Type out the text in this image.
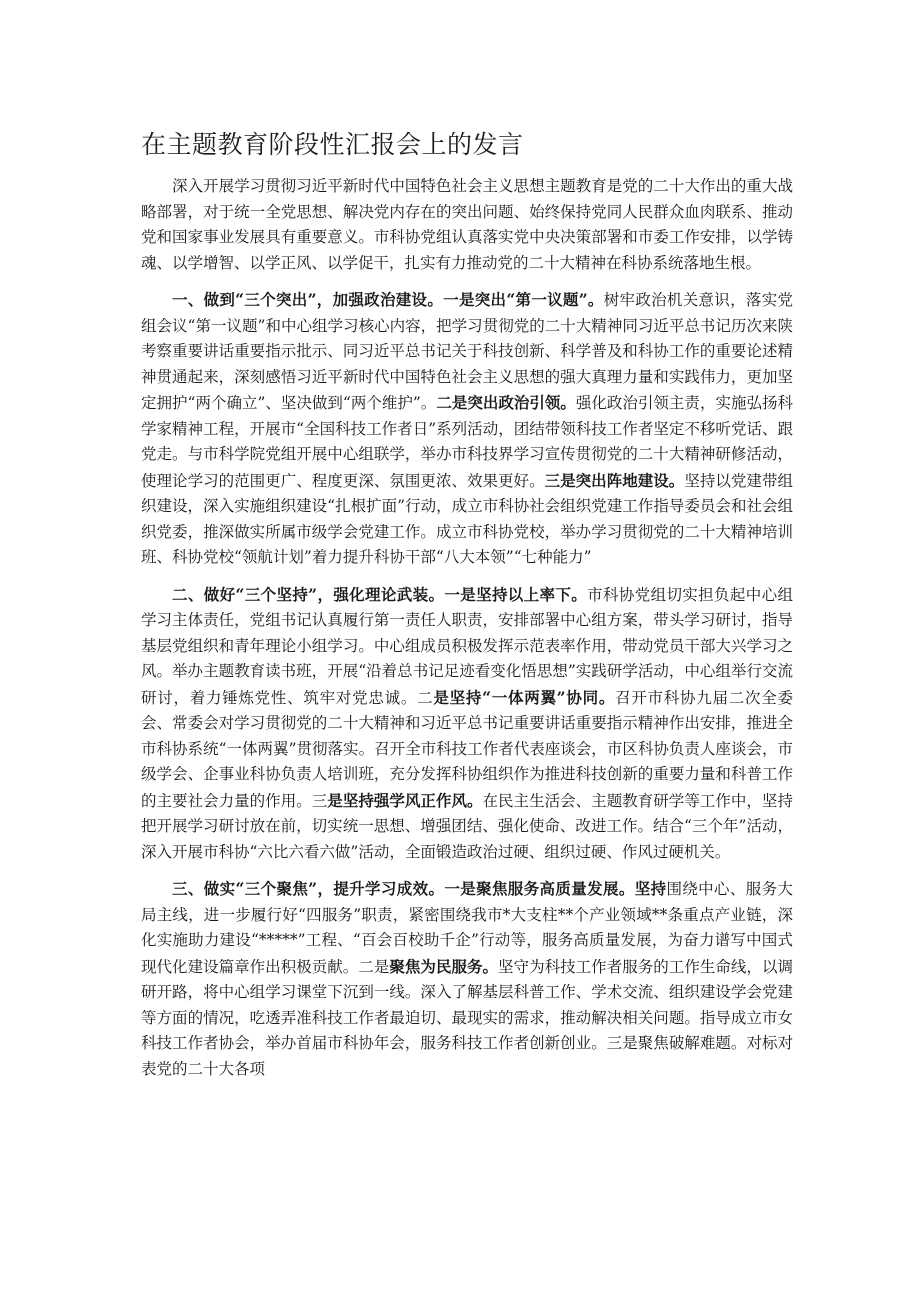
在主题教育阶段性汇报会上的发言

深入开展学习贯彻习近平新时代中国特色社会主义思想主题教育是党的二十大作出的重大战略部署，对于统一全党思想、解决党内存在的突出问题、始终保持党同人民群众血肉联系、推动党和国家事业发展具有重要意义。市科协党组认真落实党中央决策部署和市委工作安排，以学铸魂、以学增智、以学正风、以学促干，扎实有力推动党的二十大精神在科协系统落地生根。

一、做到“三个突出”，加强政治建设。一是突出“第一议题”。树牢政治机关意识，落实党组会议“第一议题”和中心组学习核心内容，把学习贯彻党的二十大精神同习近平总书记历次来陕考察重要讲话重要指示批示、同习近平总书记关于科技创新、科学普及和科协工作的重要论述精神贯通起来，深刻感悟习近平新时代中国特色社会主义思想的强大真理力量和实践伟力，更加坚定拥护“两个确立”、坚决做到“两个维护”。二是突出政治引领。强化政治引领主责，实施弘扬科学家精神工程，开展市“全国科技工作者日”系列活动，团结带领科技工作者坚定不移听党话、跟党走。与市科学院党组开展中心组联学，举办市科技界学习宣传贯彻党的二十大精神研修活动，使理论学习的范围更广、程度更深、氛围更浓、效果更好。三是突出阵地建设。坚持以党建带组织建设，深入实施组织建设“扎根扩面”行动，成立市科协社会组织党建工作指导委员会和社会组织党委，推深做实所属市级学会党建工作。成立市科协党校，举办学习贯彻党的二十大精神培训班、科协党校“领航计划”着力提升科协干部“八大本领”“七种能力”

二、做好“三个坚持”，强化理论武装。一是坚持以上率下。市科协党组切实担负起中心组学习主体责任，党组书记认真履行第一责任人职责，安排部署中心组方案，带头学习研讨，指导基层党组织和青年理论小组学习。中心组成员积极发挥示范表率作用，带动党员干部大兴学习之风。举办主题教育读书班，开展“沿着总书记足迹看变化悟思想”实践研学活动，中心组举行交流研讨，着力锤炼党性、筑牢对党忠诚。二是坚持“一体两翼”协同。召开市科协九届二次全委会、常委会对学习贯彻党的二十大精神和习近平总书记重要讲话重要指示精神作出安排，推进全市科协系统“一体两翼”贯彻落实。召开全市科技工作者代表座谈会，市区科协负责人座谈会，市级学会、企事业科协负责人培训班，充分发挥科协组织作为推进科技创新的重要力量和科普工作的主要社会力量的作用。三是坚持强学风正作风。在民主生活会、主题教育研学等工作中，坚持把开展学习研讨放在前，切实统一思想、增强团结、强化使命、改进工作。结合“三个年”活动，深入开展市科协“六比六看六做”活动，全面锻造政治过硬、组织过硬、作风过硬机关。

三、做实“三个聚焦”，提升学习成效。一是聚焦服务高质量发展。坚持围绕中心、服务大局主线，进一步履行好“四服务”职责，紧密围绕我市*大支柱**个产业领域**条重点产业链，深化实施助力建设“*****”工程、“百会百校助千企”行动等，服务高质量发展，为奋力谱写中国式现代化建设篇章作出积极贡献。二是聚焦为民服务。坚守为科技工作者服务的工作生命线，以调研开路，将中心组学习课堂下沉到一线。深入了解基层科普工作、学术交流、组织建设学会党建等方面的情况，吃透弄准科技工作者最迫切、最现实的需求，推动解决相关问题。指导成立市女科技工作者协会，举办首届市科协年会，服务科技工作者创新创业。三是聚焦破解难题。对标对表党的二十大各项
